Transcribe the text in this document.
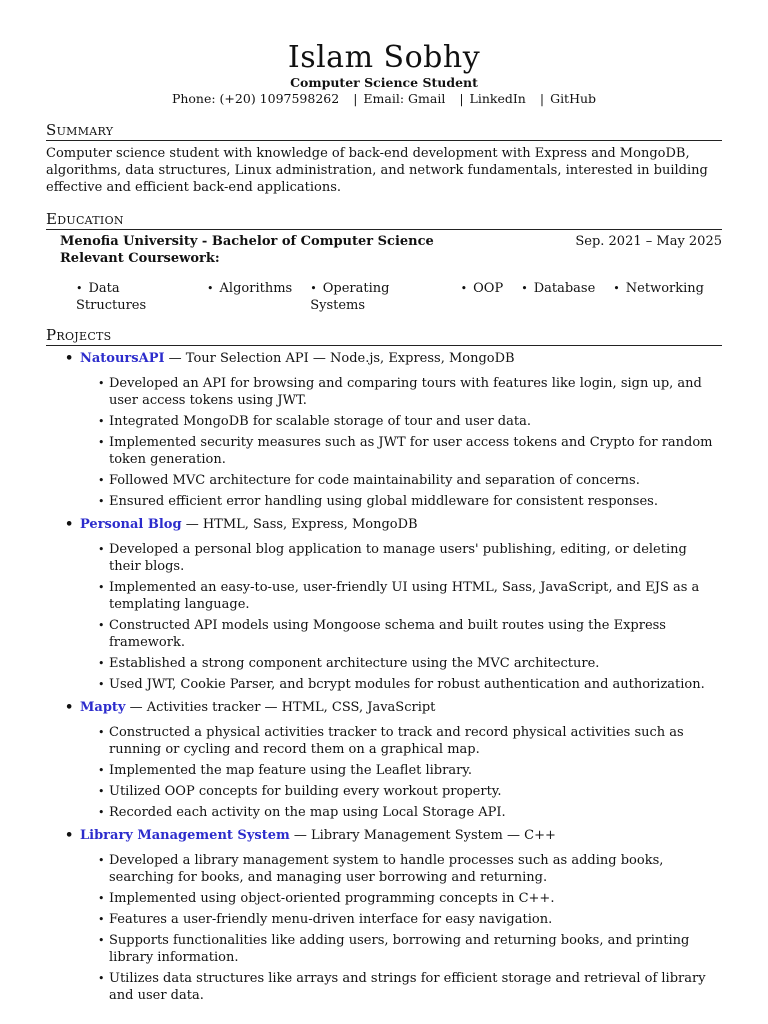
Islam Sobhy
Computer Science Student
Phone: (+20) 1097598262 | Email: Gmail | LinkedIn | GitHub
Summary
Computer science student with knowledge of back-end development with Express and MongoDB, algorithms, data structures, Linux administration, and network fundamentals, interested in building effective and efficient back-end applications.
Education
Menofia University - Bachelor of Computer Science	Sep. 2021 – May 2025
Relevant Coursework:
• Data Structures
• Algorithms	• Operating Systems
• OOP	• Database	• Networking
Projects
• NatoursAPI — Tour Selection API — Node.js, Express, MongoDB
• Developed an API for browsing and comparing tours with features like login, sign up, and user access tokens using JWT.
• Integrated MongoDB for scalable storage of tour and user data.
• Implemented security measures such as JWT for user access tokens and Crypto for random token generation.
• Followed MVC architecture for code maintainability and separation of concerns.
• Ensured efficient error handling using global middleware for consistent responses.
• Personal Blog — HTML, Sass, Express, MongoDB
• Developed a personal blog application to manage users' publishing, editing, or deleting their blogs.
• Implemented an easy-to-use, user-friendly UI using HTML, Sass, JavaScript, and EJS as a templating language.
• Constructed API models using Mongoose schema and built routes using the Express framework.
• Established a strong component architecture using the MVC architecture.
• Used JWT, Cookie Parser, and bcrypt modules for robust authentication and authorization.
• Mapty — Activities tracker — HTML, CSS, JavaScript
• Constructed a physical activities tracker to track and record physical activities such as running or cycling and record them on a graphical map.
• Implemented the map feature using the Leaflet library.
• Utilized OOP concepts for building every workout property.
• Recorded each activity on the map using Local Storage API.
• Library Management System — Library Management System — C++
• Developed a library management system to handle processes such as adding books, searching for books, and managing user borrowing and returning.
• Implemented using object-oriented programming concepts in C++.
• Features a user-friendly menu-driven interface for easy navigation.
• Supports functionalities like adding users, borrowing and returning books, and printing library information.
• Utilizes data structures like arrays and strings for efficient storage and retrieval of library and user data.
